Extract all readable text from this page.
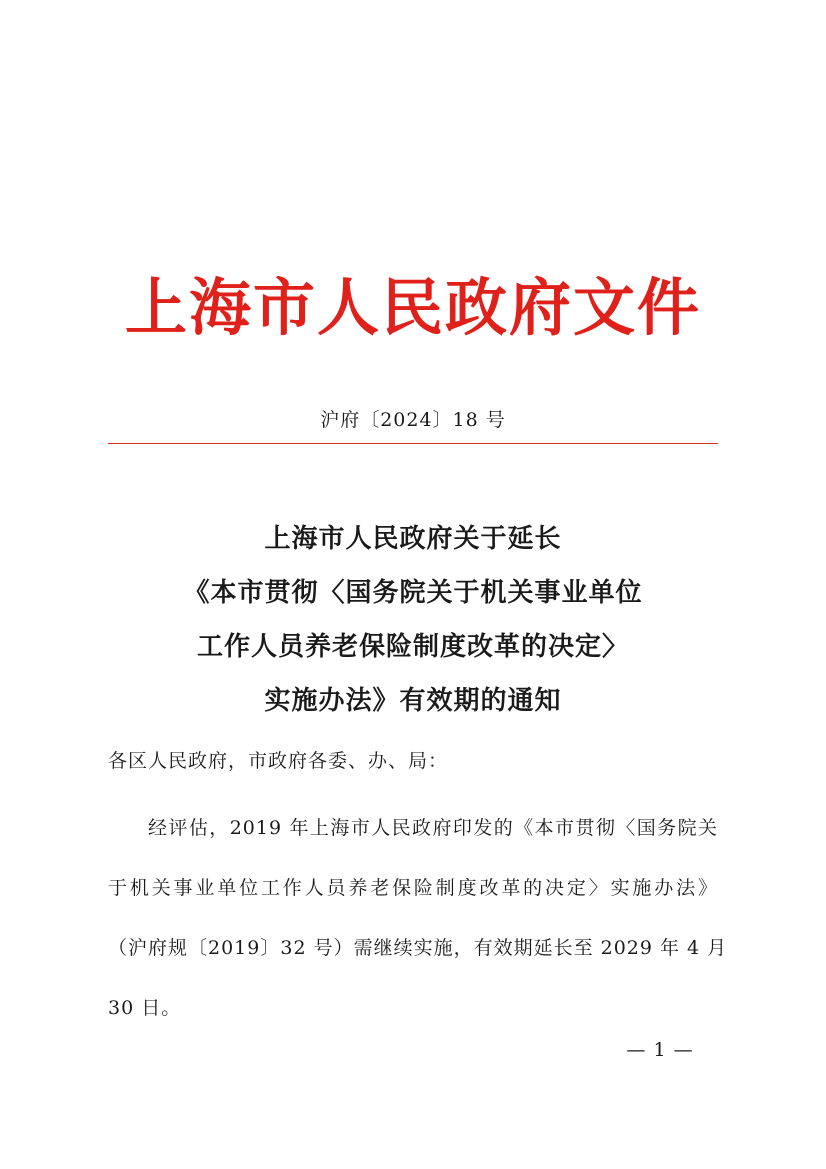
上海市人民政府文件
沪府〔2024〕18 号
上海市人民政府关于延长
《本市贯彻〈国务院关于机关事业单位
工作人员养老保险制度改革的决定〉
实施办法》有效期的通知
各区人民政府，市政府各委、办、局：
经评估，2019 年上海市人民政府印发的《本市贯彻〈国务院关
于机关事业单位工作人员养老保险制度改革的决定〉实施办法》
（沪府规〔2019〕32 号）需继续实施，有效期延长至 2029 年 4 月
30 日。
— 1 —
